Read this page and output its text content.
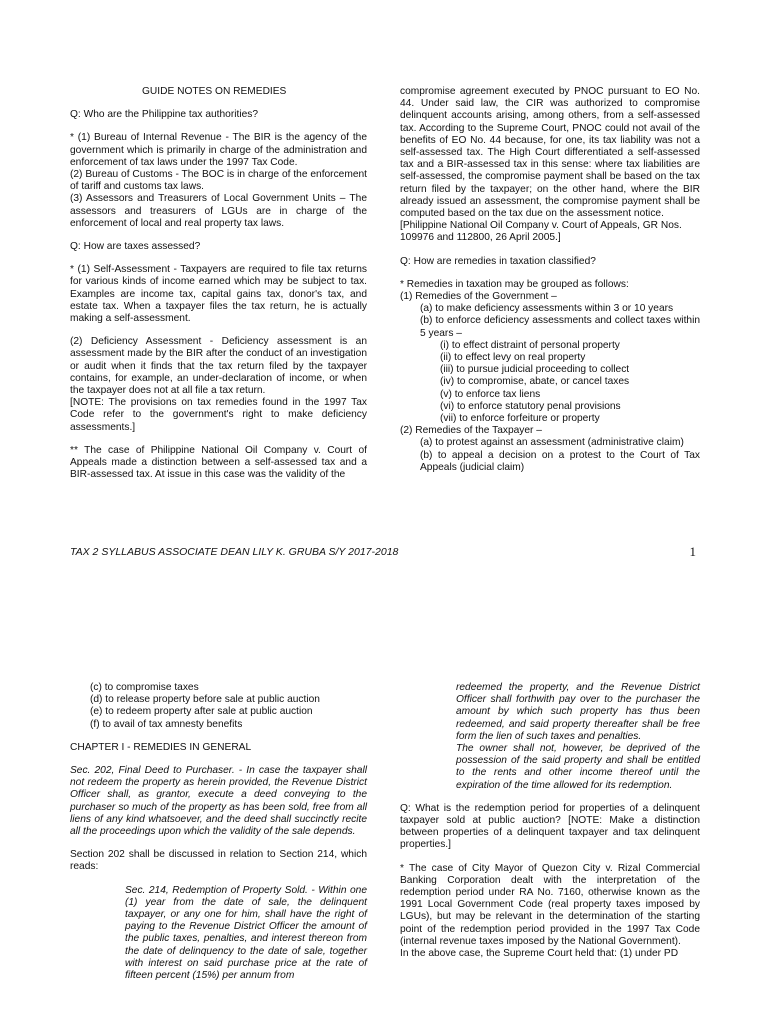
GUIDE NOTES ON REMEDIES

Q: Who are the Philippine tax authorities?

* (1) Bureau of Internal Revenue - The BIR is the agency of the government which is primarily in charge of the administration and enforcement of tax laws under the 1997 Tax Code.

(2) Bureau of Customs - The BOC is in charge of the enforcement of tariff and customs tax laws.

(3) Assessors and Treasurers of Local Government Units – The assessors and treasurers of LGUs are in charge of the enforcement of local and real property tax laws.

Q: How are taxes assessed?

* (1) Self-Assessment - Taxpayers are required to file tax returns for various kinds of income earned which may be subject to tax. Examples are income tax, capital gains tax, donor's tax, and estate tax. When a taxpayer files the tax return, he is actually making a self-assessment.

(2) Deficiency Assessment - Deficiency assessment is an assessment made by the BIR after the conduct of an investigation or audit when it finds that the tax return filed by the taxpayer contains, for example, an under-declaration of income, or when the taxpayer does not at all file a tax return.

[NOTE: The provisions on tax remedies found in the 1997 Tax Code refer to the government's right to make deficiency assessments.]

** The case of Philippine National Oil Company v. Court of Appeals made a distinction between a self-assessed tax and a BIR-assessed tax. At issue in this case was the validity of the

compromise agreement executed by PNOC pursuant to EO No. 44. Under said law, the CIR was authorized to compromise delinquent accounts arising, among others, from a self-assessed tax. According to the Supreme Court, PNOC could not avail of the benefits of EO No. 44 because, for one, its tax liability was not a self-assessed tax. The High Court differentiated a self-assessed tax and a BIR-assessed tax in this sense: where tax liabilities are self-assessed, the compromise payment shall be based on the tax return filed by the taxpayer; on the other hand, where the BIR already issued an assessment, the compromise payment shall be computed based on the tax due on the assessment notice.

[Philippine National Oil Company v. Court of Appeals, GR Nos. 109976 and 112800, 26 April 2005.]

Q: How are remedies in taxation classified?

* Remedies in taxation may be grouped as follows:

(1) Remedies of the Government –

(a) to make deficiency assessments within 3 or 10 years

(b) to enforce deficiency assessments and collect taxes within 5 years –

(i) to effect distraint of personal property

(ii) to effect levy on real property

(iii) to pursue judicial proceeding to collect

(iv) to compromise, abate, or cancel taxes

(v) to enforce tax liens

(vi) to enforce statutory penal provisions

(vii) to enforce forfeiture or property

(2) Remedies of the Taxpayer –

(a) to protest against an assessment (administrative claim)

(b) to appeal a decision on a protest to the Court of Tax Appeals (judicial claim)

TAX 2 SYLLABUS ASSOCIATE DEAN LILY K. GRUBA S/Y 2017-2018	1

(c) to compromise taxes

(d) to release property before sale at public auction

(e) to redeem property after sale at public auction

(f) to avail of tax amnesty benefits

CHAPTER I - REMEDIES IN GENERAL

Sec. 202, Final Deed to Purchaser. - In case the taxpayer shall not redeem the property as herein provided, the Revenue District Officer shall, as grantor, execute a deed conveying to the purchaser so much of the property as has been sold, free from all liens of any kind whatsoever, and the deed shall succinctly recite all the proceedings upon which the validity of the sale depends.

Section 202 shall be discussed in relation to Section 214, which reads:

Sec. 214, Redemption of Property Sold. - Within one (1) year from the date of sale, the delinquent taxpayer, or any one for him, shall have the right of paying to the Revenue District Officer the amount of the public taxes, penalties, and interest thereon from the date of delinquency to the date of sale, together with interest on said purchase price at the rate of fifteen percent (15%) per annum from

redeemed the property, and the Revenue District Officer shall forthwith pay over to the purchaser the amount by which such property has thus been redeemed, and said property thereafter shall be free form the lien of such taxes and penalties.

The owner shall not, however, be deprived of the possession of the said property and shall be entitled to the rents and other income thereof until the expiration of the time allowed for its redemption.

Q: What is the redemption period for properties of a delinquent taxpayer sold at public auction? [NOTE: Make a distinction between properties of a delinquent taxpayer and tax delinquent properties.]

* The case of City Mayor of Quezon City v. Rizal Commercial Banking Corporation dealt with the interpretation of the redemption period under RA No. 7160, otherwise known as the 1991 Local Government Code (real property taxes imposed by LGUs), but may be relevant in the determination of the starting point of the redemption period provided in the 1997 Tax Code (internal revenue taxes imposed by the National Government).

In the above case, the Supreme Court held that: (1) under PD
